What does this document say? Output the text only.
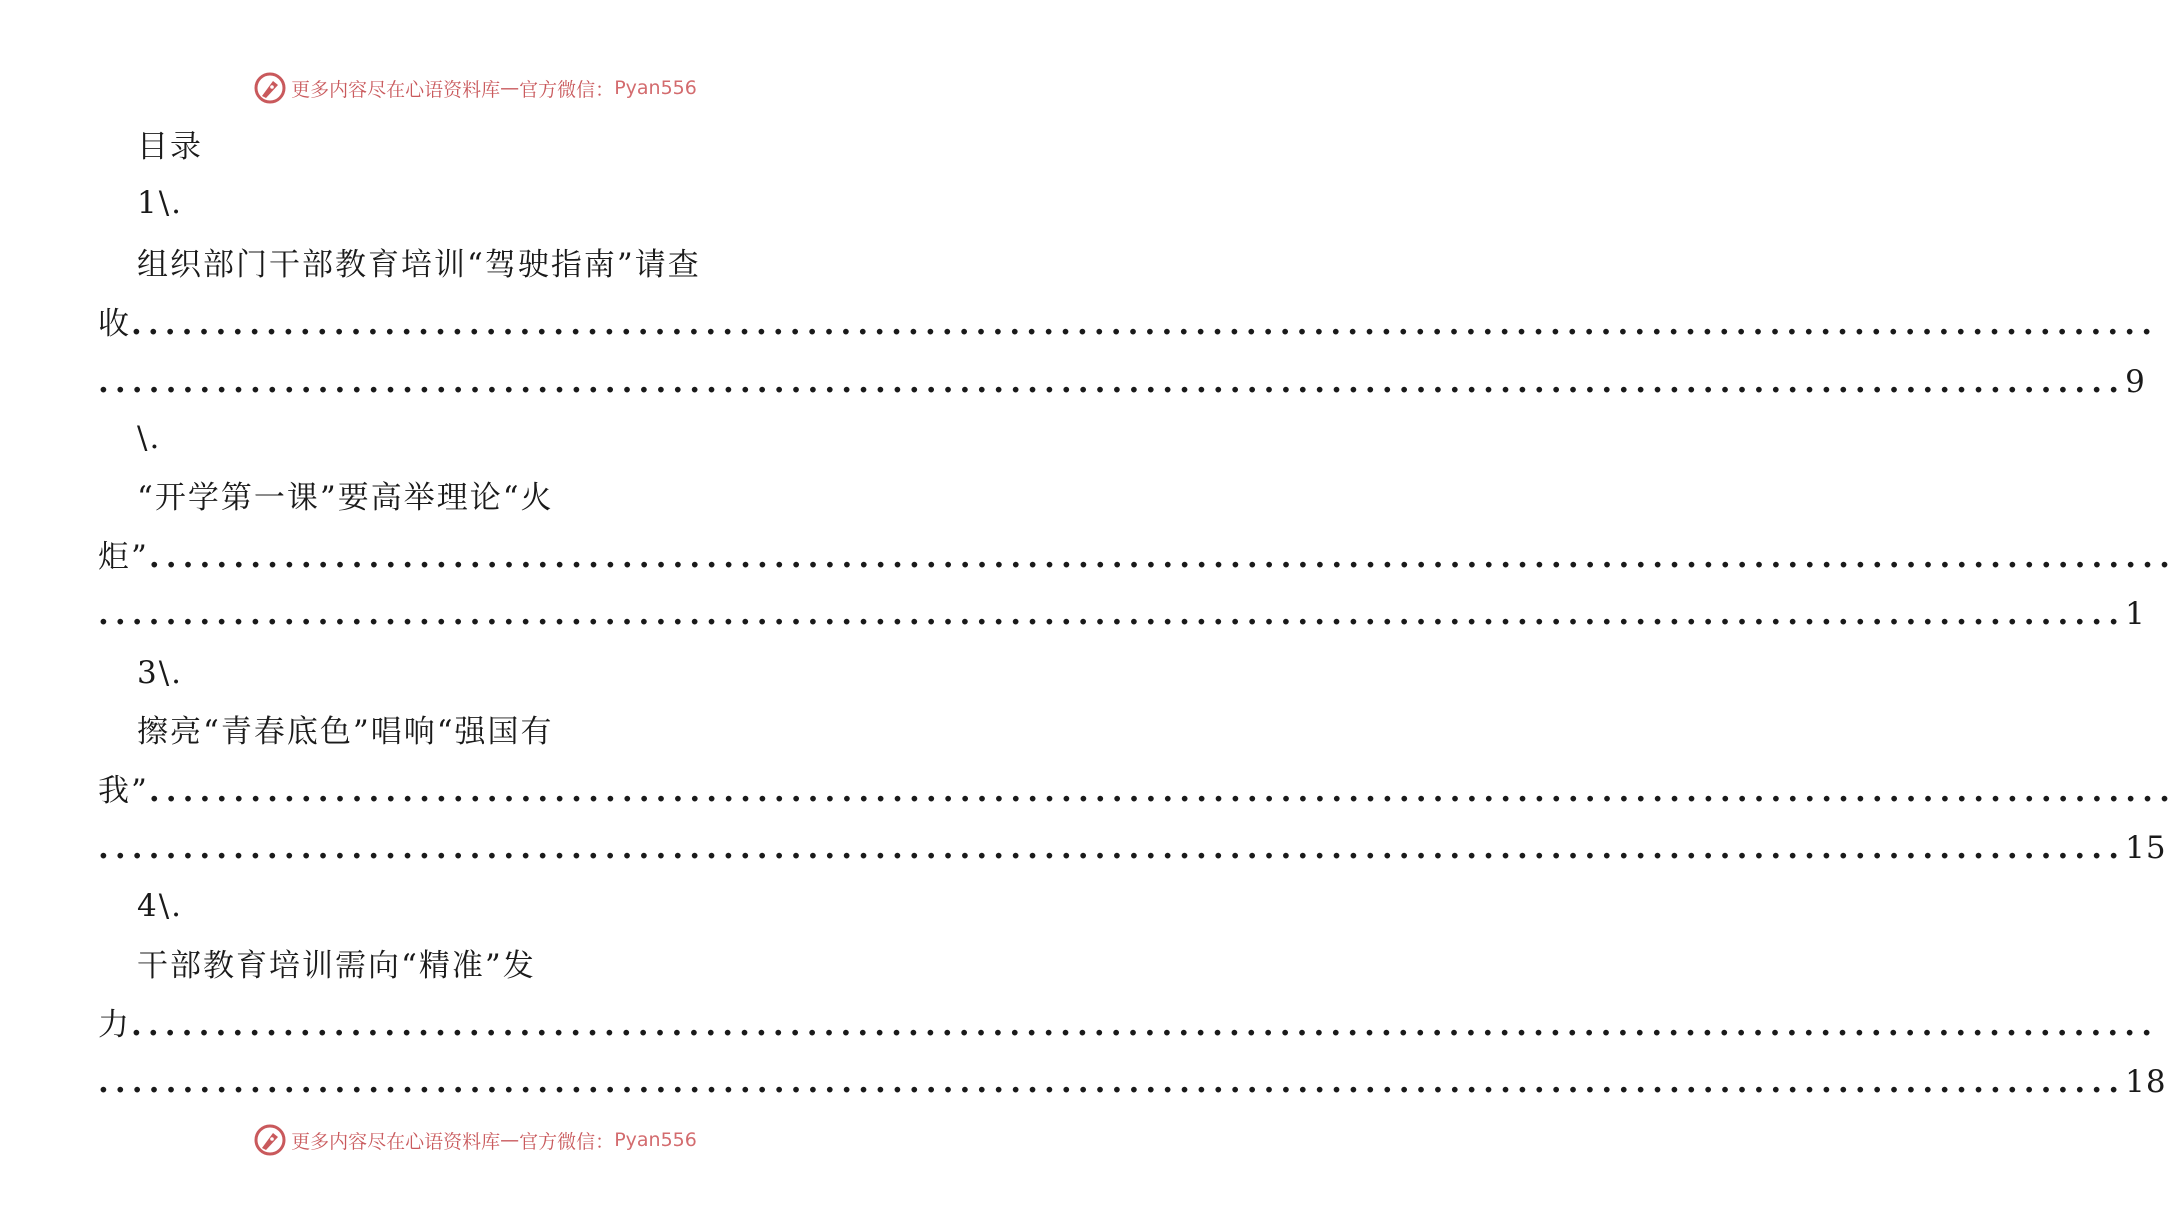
更多内容尽在心语资料库 — 官方微信： Pyan556
目录
1\.
组织部门干部教育培训“驾驶指南”请查
收 ........................................................................................................................
........................................................................................................................ 9
\.
“开学第一课”要高举理论“火
炬” ........................................................................................................................
........................................................................................................................ 1
3\.
擦亮“青春底色”唱响“强国有
我” ........................................................................................................................
........................................................................................................................ 15
4\.
干部教育培训需向“精准”发
力 ........................................................................................................................
........................................................................................................................ 18
更多内容尽在心语资料库 — 官方微信： Pyan556
